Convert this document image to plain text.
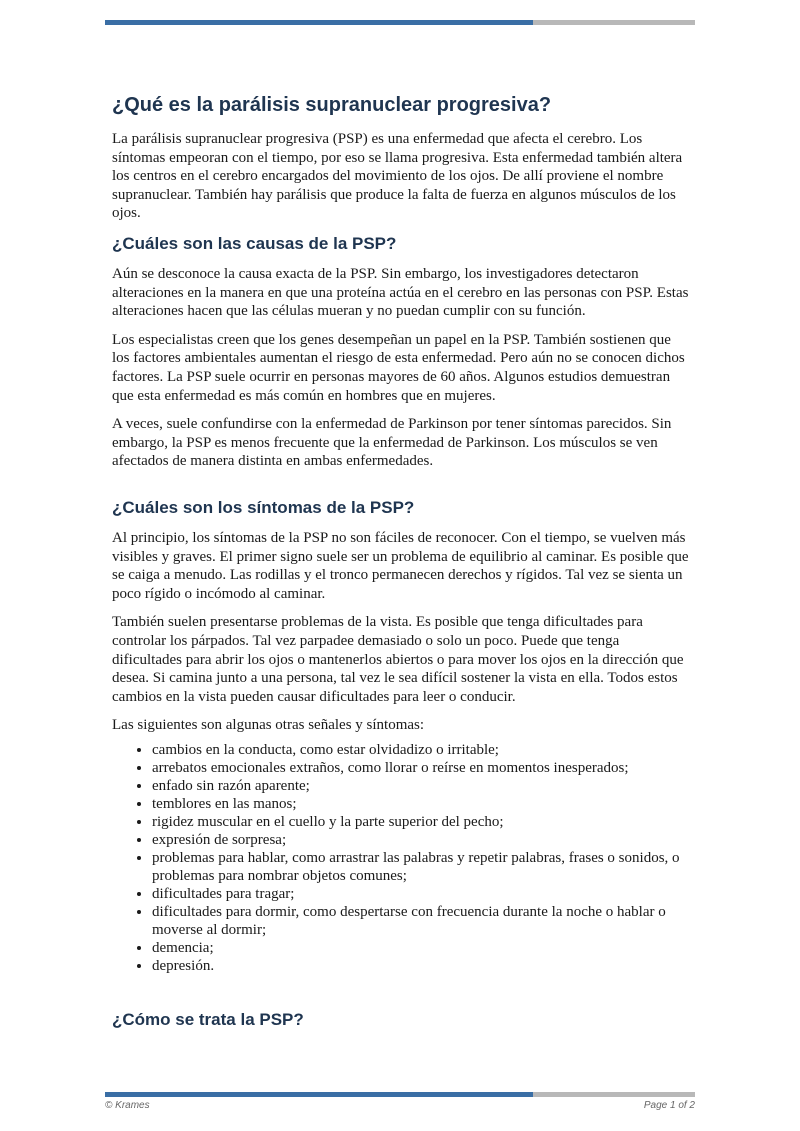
¿Qué es la parálisis supranuclear progresiva?

La parálisis supranuclear progresiva (PSP) es una enfermedad que afecta el cerebro. Los síntomas empeoran con el tiempo, por eso se llama progresiva. Esta enfermedad también altera los centros en el cerebro encargados del movimiento de los ojos. De allí proviene el nombre supranuclear. También hay parálisis que produce la falta de fuerza en algunos músculos de los ojos.

¿Cuáles son las causas de la PSP?

Aún se desconoce la causa exacta de la PSP. Sin embargo, los investigadores detectaron alteraciones en la manera en que una proteína actúa en el cerebro en las personas con PSP. Estas alteraciones hacen que las células mueran y no puedan cumplir con su función.

Los especialistas creen que los genes desempeñan un papel en la PSP. También sostienen que los factores ambientales aumentan el riesgo de esta enfermedad. Pero aún no se conocen dichos factores. La PSP suele ocurrir en personas mayores de 60 años. Algunos estudios demuestran que esta enfermedad es más común en hombres que en mujeres.

A veces, suele confundirse con la enfermedad de Parkinson por tener síntomas parecidos. Sin embargo, la PSP es menos frecuente que la enfermedad de Parkinson. Los músculos se ven afectados de manera distinta en ambas enfermedades.

¿Cuáles son los síntomas de la PSP?

Al principio, los síntomas de la PSP no son fáciles de reconocer. Con el tiempo, se vuelven más visibles y graves. El primer signo suele ser un problema de equilibrio al caminar. Es posible que se caiga a menudo. Las rodillas y el tronco permanecen derechos y rígidos. Tal vez se sienta un poco rígido o incómodo al caminar.

También suelen presentarse problemas de la vista. Es posible que tenga dificultades para controlar los párpados. Tal vez parpadee demasiado o solo un poco. Puede que tenga dificultades para abrir los ojos o mantenerlos abiertos o para mover los ojos en la dirección que desea. Si camina junto a una persona, tal vez le sea difícil sostener la vista en ella. Todos estos cambios en la vista pueden causar dificultades para leer o conducir.

Las siguientes son algunas otras señales y síntomas:

• cambios en la conducta, como estar olvidadizo o irritable;
• arrebatos emocionales extraños, como llorar o reírse en momentos inesperados;
• enfado sin razón aparente;
• temblores en las manos;
• rigidez muscular en el cuello y la parte superior del pecho;
• expresión de sorpresa;
• problemas para hablar, como arrastrar las palabras y repetir palabras, frases o sonidos, o problemas para nombrar objetos comunes;
• dificultades para tragar;
• dificultades para dormir, como despertarse con frecuencia durante la noche o hablar o moverse al dormir;
• demencia;
• depresión.
¿Cómo se trata la PSP?
© Krames	Page 1 of 2
